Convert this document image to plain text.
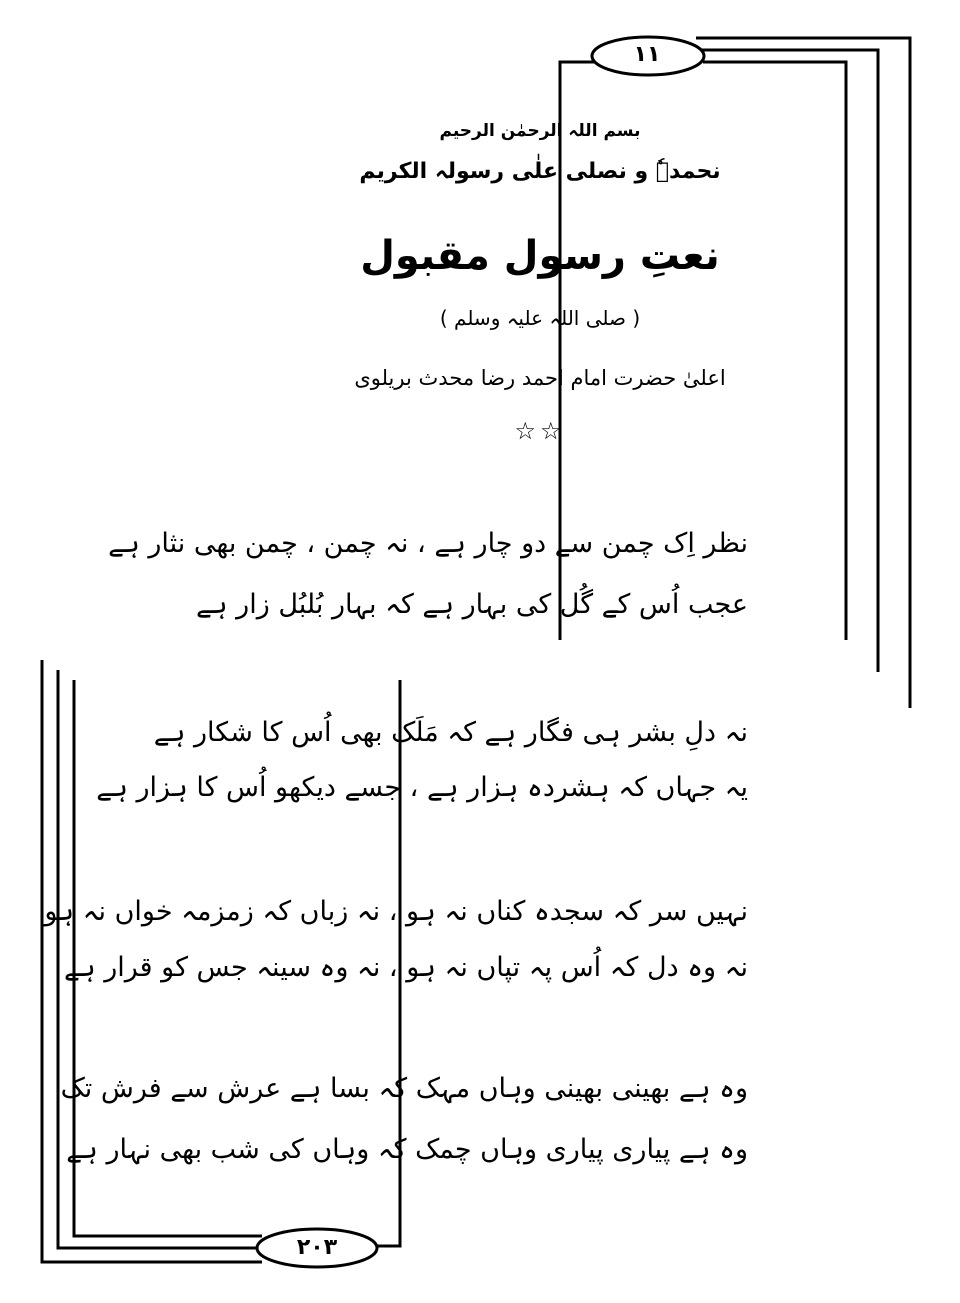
١١
٢٠٣
بسم اللہ الرحمٰن الرحیم
نحمدہٗ و نصلی علٰی رسولہ الکریم
نعتِ رسول مقبول
( صلی اللہ علیہ وسلم )
اعلیٰ حضرت امام احمد رضا محدث بریلوی
☆☆
نظر اِک چمن سے دو چار ہے ، نہ چمن ، چمن بھی نثار ہے
عجب اُس کے گُل کی بہار ہے کہ بہار بُلبُل زار ہے
نہ دلِ بشر ہی فگار ہے کہ مَلَک بھی اُس کا شکار ہے
یہ جہاں کہ ہشردہ ہزار ہے ، جسے دیکھو اُس کا ہزار ہے
نہیں سر کہ سجدہ کناں نہ ہو ، نہ زباں کہ زمزمہ خواں نہ ہو
نہ وہ دل کہ اُس پہ تپاں نہ ہو ، نہ وہ سینہ جس کو قرار ہے
وہ ہے بھینی بھینی وہاں مہک کہ بسا ہے عرش سے فرش تک
وہ ہے پیاری پیاری وہاں چمک کہ وہاں کی شب بھی نہار ہے
